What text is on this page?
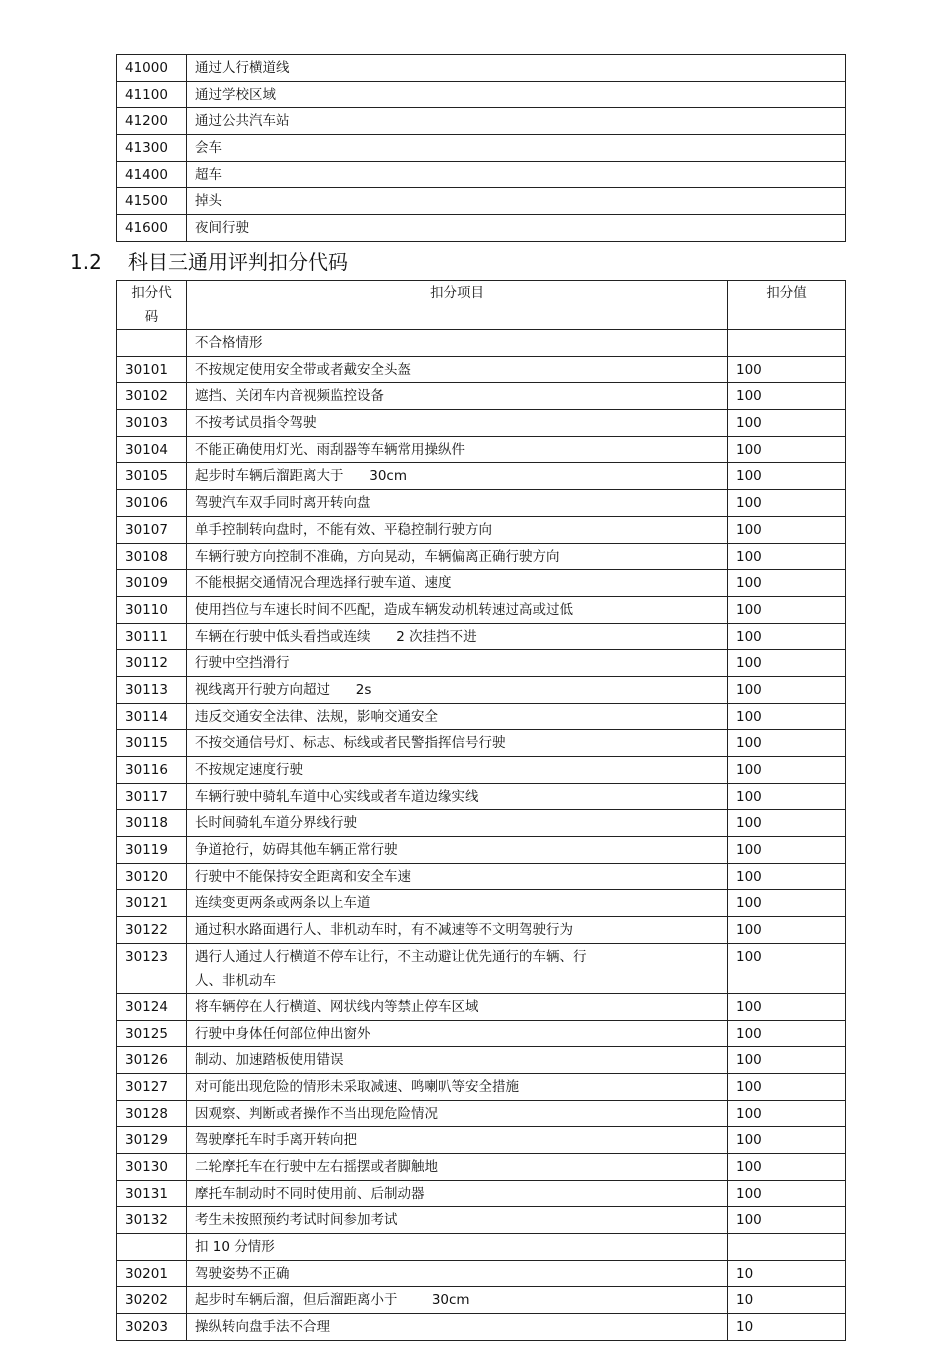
41000	通过人行横道线
41100	通过学校区域
41200	通过公共汽车站
41300	会车
41400	超车
41500	掉头
41600	夜间行驶
1.2 科目三通用评判扣分代码
扣分代码	扣分项目	扣分值
	不合格情形	
30101	不按规定使用安全带或者戴安全头盔	100
30102	遮挡、关闭车内音视频监控设备	100
30103	不按考试员指令驾驶	100
30104	不能正确使用灯光、雨刮器等车辆常用操纵件	100
30105	起步时车辆后溜距离大于      30cm	100
30106	驾驶汽车双手同时离开转向盘	100
30107	单手控制转向盘时，不能有效、平稳控制行驶方向	100
30108	车辆行驶方向控制不准确，方向晃动，车辆偏离正确行驶方向	100
30109	不能根据交通情况合理选择行驶车道、速度	100
30110	使用挡位与车速长时间不匹配，造成车辆发动机转速过高或过低	100
30111	车辆在行驶中低头看挡或连续      2 次挂挡不进	100
30112	行驶中空挡滑行	100
30113	视线离开行驶方向超过      2s	100
30114	违反交通安全法律、法规，影响交通安全	100
30115	不按交通信号灯、标志、标线或者民警指挥信号行驶	100
30116	不按规定速度行驶	100
30117	车辆行驶中骑轧车道中心实线或者车道边缘实线	100
30118	长时间骑轧车道分界线行驶	100
30119	争道抢行，妨碍其他车辆正常行驶	100
30120	行驶中不能保持安全距离和安全车速	100
30121	连续变更两条或两条以上车道	100
30122	通过积水路面遇行人、非机动车时，有不减速等不文明驾驶行为	100
30123	遇行人通过人行横道不停车让行，不主动避让优先通行的车辆、行
人、非机动车	100
30124	将车辆停在人行横道、网状线内等禁止停车区域	100
30125	行驶中身体任何部位伸出窗外	100
30126	制动、加速踏板使用错误	100
30127	对可能出现危险的情形未采取减速、鸣喇叭等安全措施	100
30128	因观察、判断或者操作不当出现危险情况	100
30129	驾驶摩托车时手离开转向把	100
30130	二轮摩托车在行驶中左右摇摆或者脚触地	100
30131	摩托车制动时不同时使用前、后制动器	100
30132	考生未按照预约考试时间参加考试	100
	扣 10 分情形	
30201	驾驶姿势不正确	10
30202	起步时车辆后溜，但后溜距离小于        30cm	10
30203	操纵转向盘手法不合理	10
